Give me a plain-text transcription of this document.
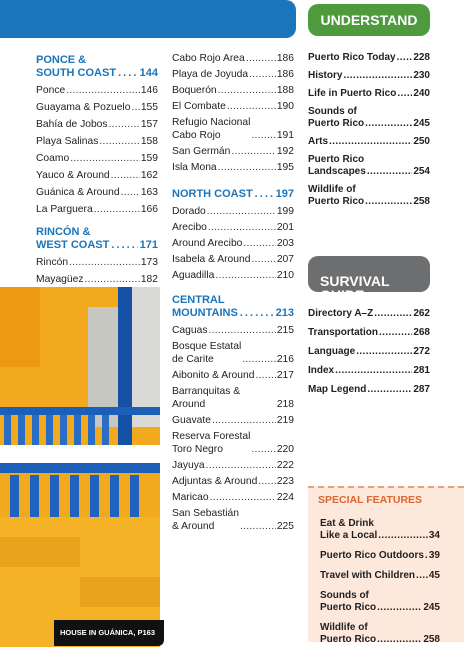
PONCE &
SOUTH COAST . . . 144
Ponce . . .	146
Guayama & Pozuelo . . . 155
Bahía de Jobos . . .	157
Playa Salinas . . .	158
Coamo . . .	159
Yauco & Around . . .	162
Guánica & Around . . . 163
La Parguera . . .	166
RINCÓN &
WEST COAST . . .	171
Rincón . . .	173
Mayagüez . . .	182
HOUSE IN GUÁNICA, P163
Cabo Rojo Area . . .	186
Playa de Joyuda . . .	186
Boquerón . . .	188
El Combate . . .	190
Refugio Nacional
Cabo Rojo . . .	191
San Germán . . .	192
Isla Mona . . .	195
NORTH COAST . . . 197
Dorado . . .	199
Arecibo . . .	201
Around Arecibo . . .	203
Isabela & Around . . .	207
Aguadilla . . .	210
CENTRAL
MOUNTAINS . . .	213
Caguas . . .	215
Bosque Estatal
de Carite . . .	216
Aibonito & Around . . . 217
Barranquitas & Around	218
Guavate . . .	219
Reserva Forestal
Toro Negro . . .	220
Jayuya . . .	222
Adjuntas & Around . . . 223
Maricao . . .	224
San Sebastián
& Around . . .	225
UNDERSTAND
Puerto Rico Today . . . 228
History . . .	230
Life in Puerto Rico . . . 240
Sounds of
Puerto Rico . . .	245
Arts . . .	250
Puerto Rico
Landscapes . . .	254
Wildlife of
Puerto Rico . . .	258

SURVIVAL
GUIDE

Directory A–Z . . .	262
Transportation . . .	268
Language . . .	272
Index . . .	281
Map Legend . . .	287
SPECIAL FEATURES
Eat & Drink
Like a Local . . .	34
Puerto Rico Outdoors . . . 39
Travel with Children . . . 45
Sounds of
Puerto Rico . . .	245
Wildlife of
Puerto Rico . . .	258
